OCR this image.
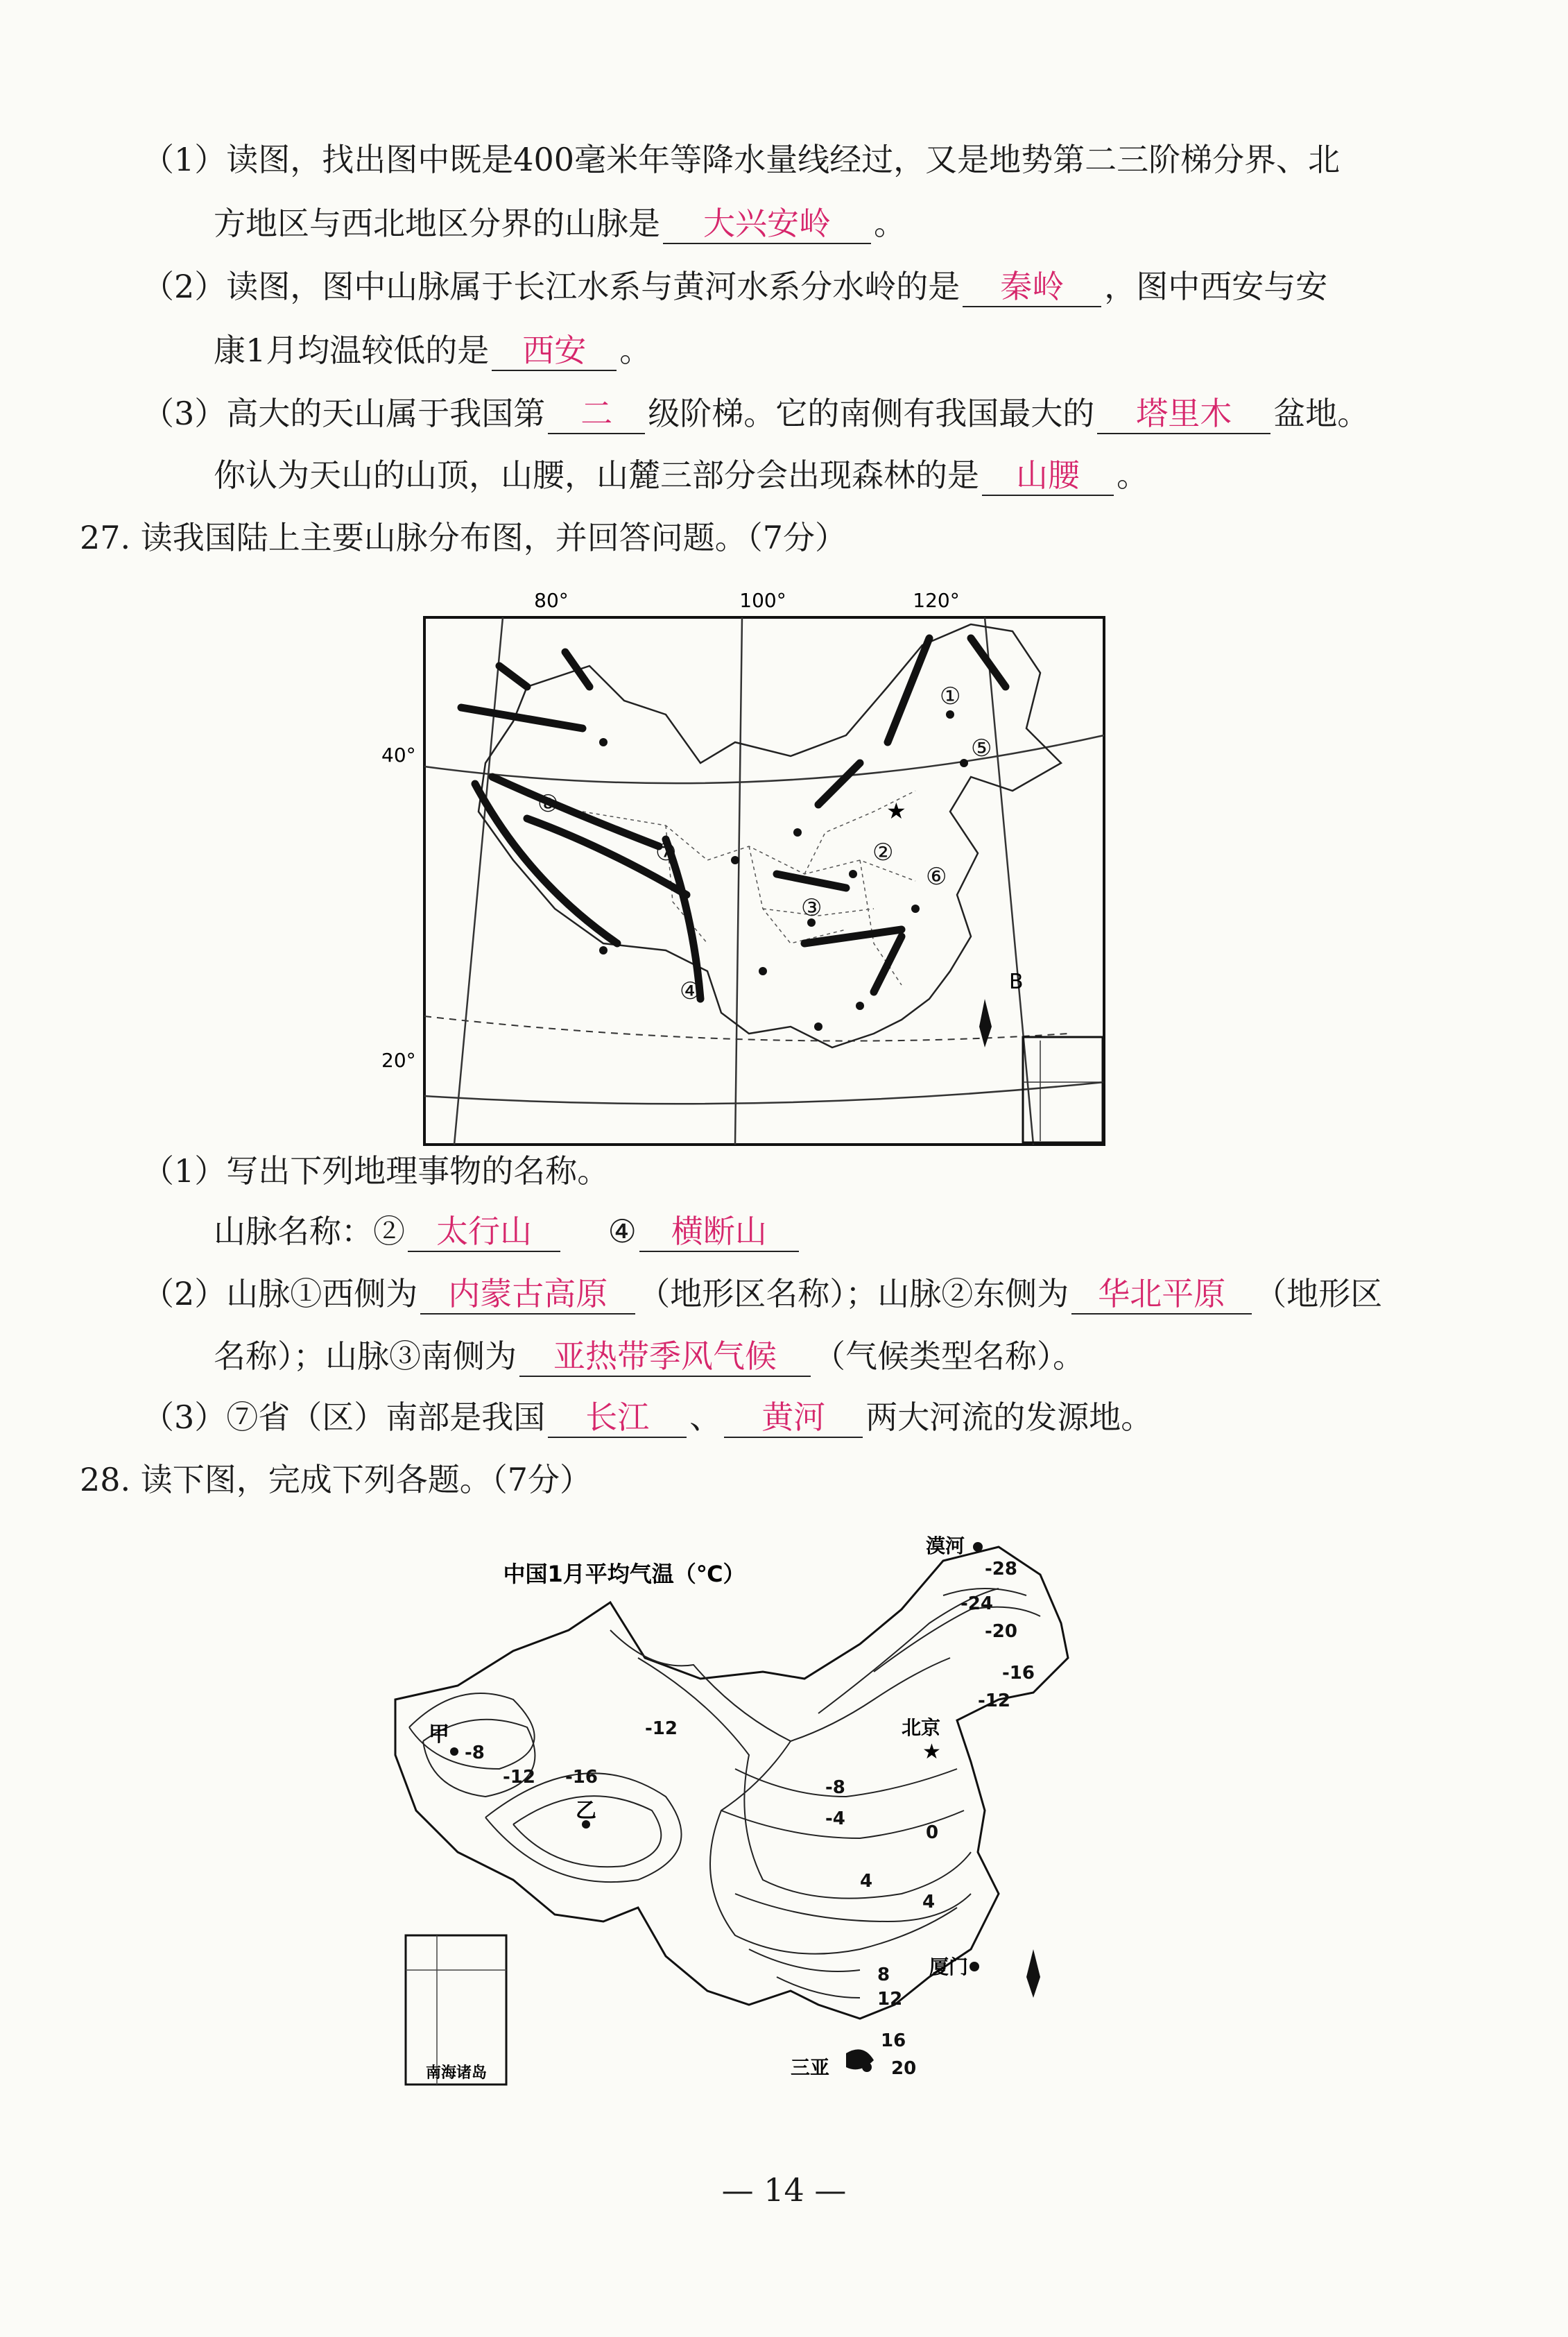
（1）读图，找出图中既是400毫米年等降水量线经过，又是地势第二三阶梯分界、北
方地区与西北地区分界的山脉是 大兴安岭 。
（2）读图，图中山脉属于长江水系与黄河水系分水岭的是 秦岭 ，图中西安与安
康1月均温较低的是 西安 。
（3）高大的天山属于我国第 二 级阶梯。它的南侧有我国最大的 塔里木 盆地。
你认为天山的山顶，山腰，山麓三部分会出现森林的是 山腰 。
27. 读我国陆上主要山脉分布图，并回答问题。（7分）
80°	100°	120°
40°
20°
★
①
②
③
④
⑤
⑥
⑦
⑧
B
（1）写出下列地理事物的名称。
山脉名称：② 太行山 ④ 横断山
（2）山脉①西侧为 内蒙古高原 （地形区名称）；山脉②东侧为 华北平原 （地形区
名称）；山脉③南侧为 亚热带季风气候 （气候类型名称）。
（3）⑦省（区）南部是我国 长江 、 黄河 两大河流的发源地。
28. 读下图，完成下列各题。（7分）
中国1月平均气温（℃）
漠河
★
北京
厦门
三亚
甲
乙
-28
-24
-20
-16
-12
-8
-12
-16
-12	-8
-4
0
4
8
12
16
20
4
南海诸岛
— 14 —
